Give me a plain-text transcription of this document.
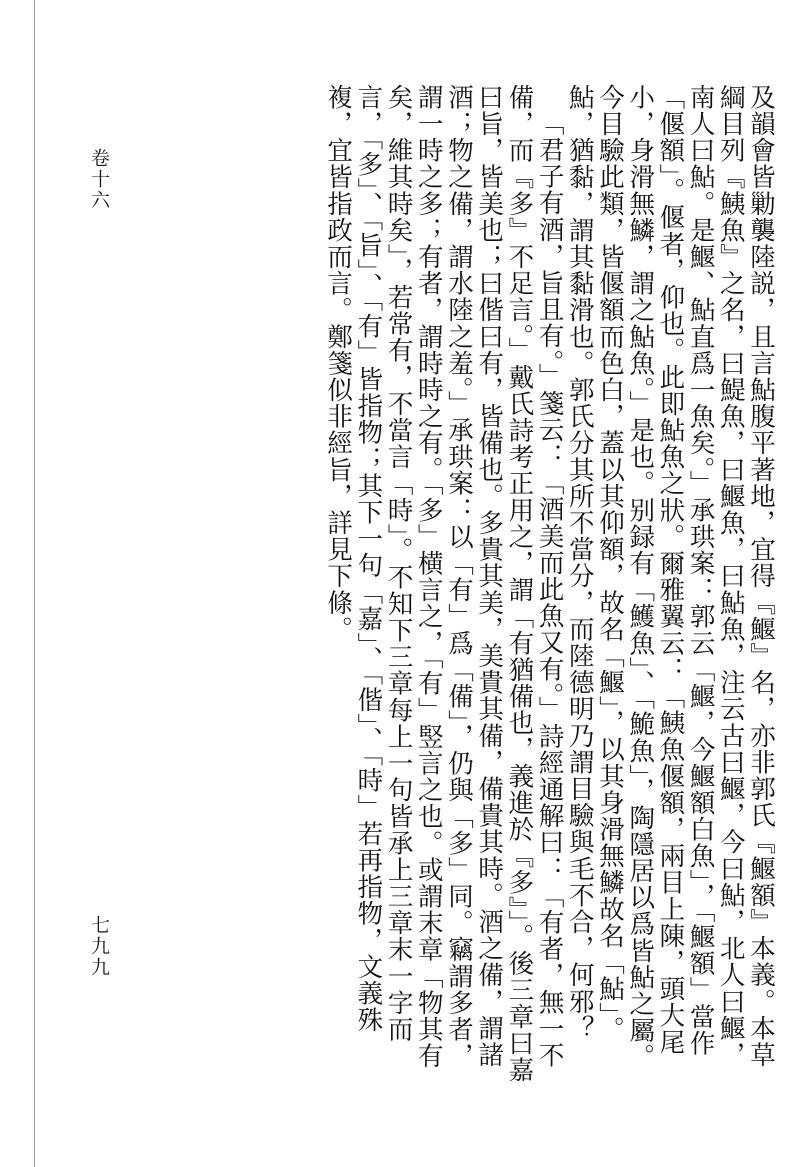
卷十六
七九九	及韻會皆勦襲陸説，且言鮎腹平著地，宜得『鰋』名，亦非郭氏『鰋額』本義。本草綱目列『鮧魚』之名，曰鯷魚，曰鰋魚，曰鮎魚，注云古曰鰋，今曰鮎，北人曰鰋，南人曰鮎。是鰋、鮎直爲一魚矣。」承珙案：郭云「鰋，今鰋額白魚」，「鰋額」當作「偃額」。偃者，仰也。此即鮎魚之狀。爾雅翼云：「鮧魚偃額，兩目上陳，頭大尾小，身滑無鱗，謂之鮎魚。」是也。别録有「鱯魚」、「鮠魚」，陶隱居以爲皆鮎之屬。今目驗此類，皆偃額而色白，蓋以其仰額，故名「鰋」，以其身滑無鱗故名「鮎」。鮎，猶黏，謂其黏滑也。郭氏分其所不當分，而陸德明乃謂目驗與毛不合，何邪？

「君子有酒，旨且有。」箋云：「酒美而此魚又有。」詩經通解曰：「有者，無一不備，而『多』不足言。」戴氏詩考正用之，謂「有猶備也，義進於『多』」。後三章曰嘉曰旨，皆美也；曰偕曰有，皆備也。多貴其美，美貴其備，備貴其時。酒之備，謂諸酒；物之備，謂水陸之羞。」承珙案：以「有」爲「備」，仍與「多」同。竊謂多者，謂一時之多；有者，謂時時之有。「多」横言之，「有」竪言之也。或謂末章「物其有矣，維其時矣」，若常有，不當言「時」。不知下三章每上一句皆承上三章末一字而言，「多」、「旨」、「有」皆指物；其下一句「嘉」、「偕」、「時」若再指物，文義殊複，宜皆指政而言。鄭箋似非經旨，詳見下條。
